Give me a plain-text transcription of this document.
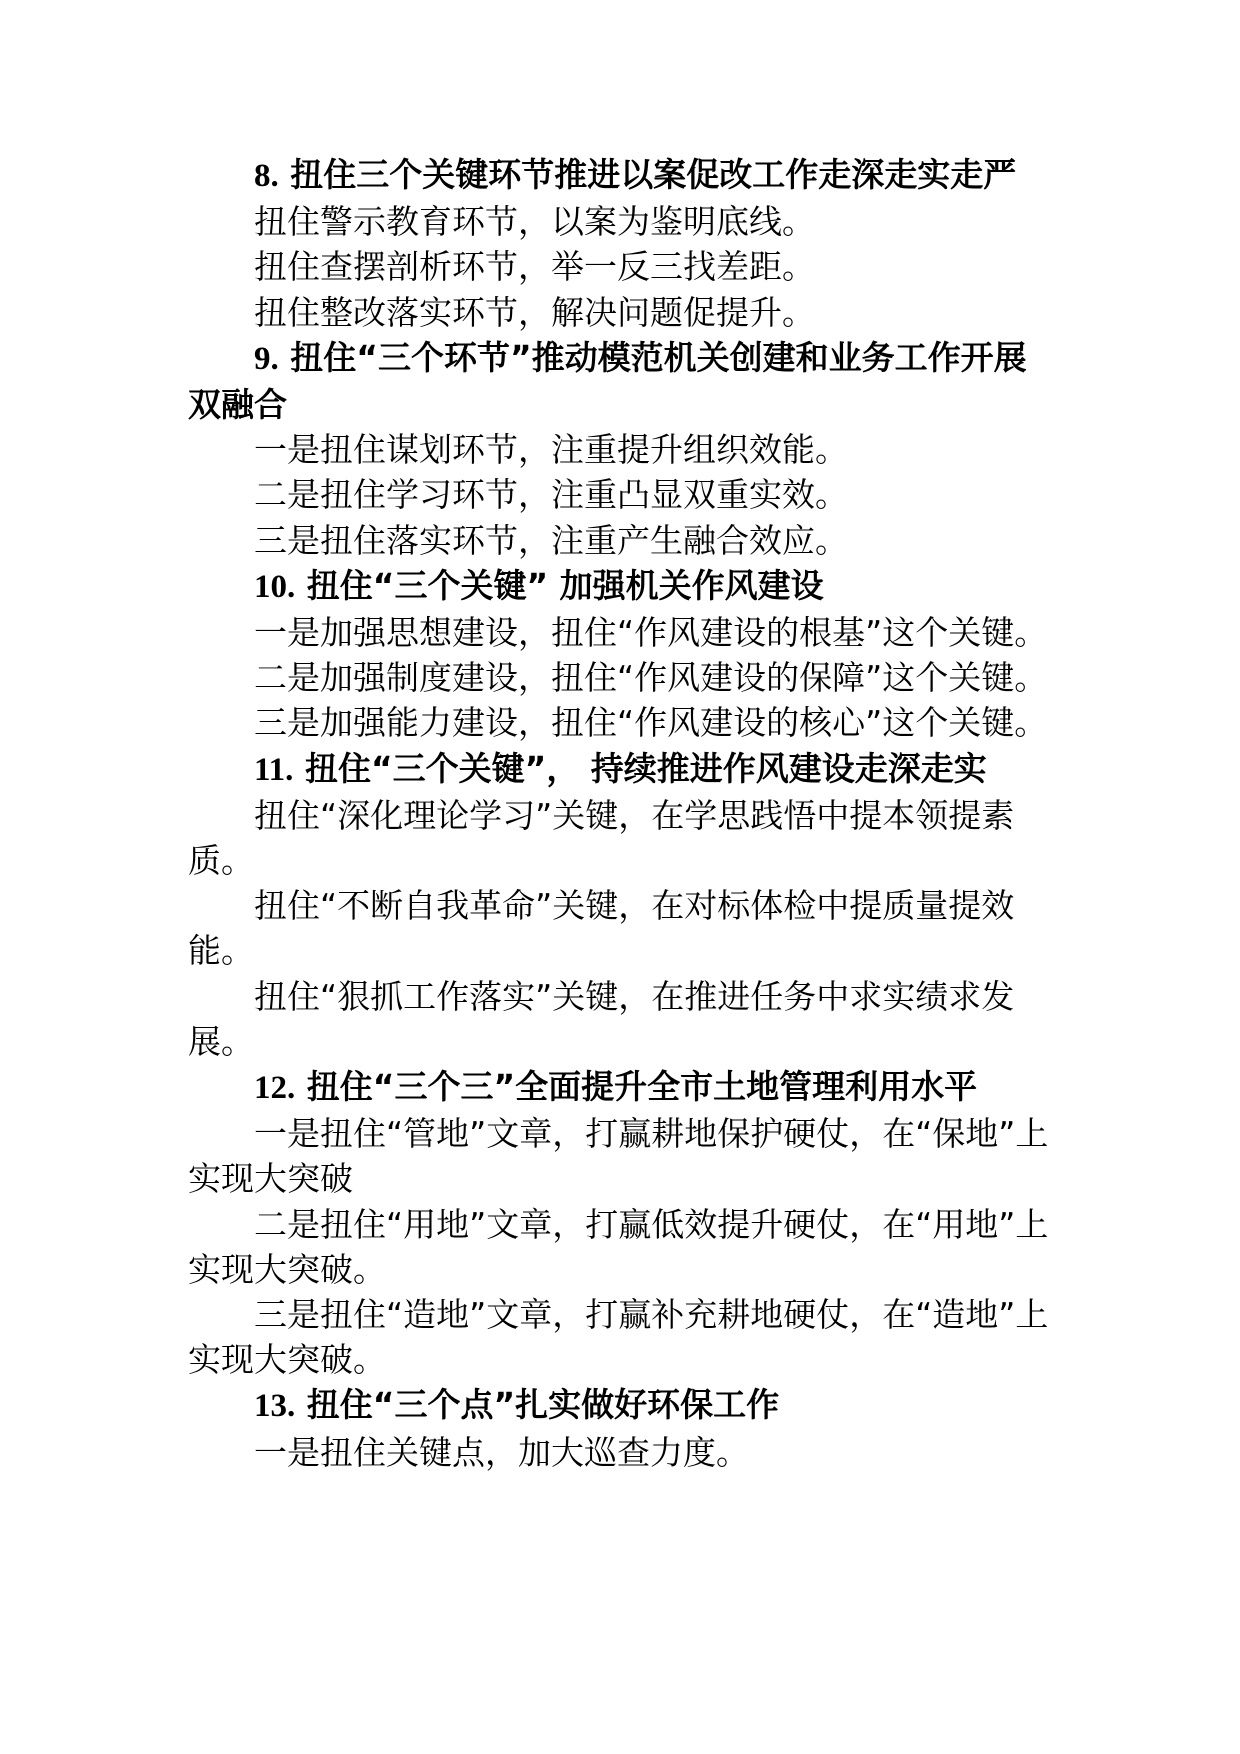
8. 扭住三个关键环节推进以案促改工作走深走实走严

扭住警示教育环节，以案为鉴明底线。

扭住查摆剖析环节，举一反三找差距。

扭住整改落实环节，解决问题促提升。

9. 扭住“三个环节”推动模范机关创建和业务工作开展双融合

一是扭住谋划环节，注重提升组织效能。

二是扭住学习环节，注重凸显双重实效。

三是扭住落实环节，注重产生融合效应。

10. 扭住“三个关键” 加强机关作风建设

一是加强思想建设，扭住“作风建设的根基”这个关键。

二是加强制度建设，扭住“作风建设的保障”这个关键。

三是加强能力建设，扭住“作风建设的核心”这个关键。

11. 扭住“三个关键”， 持续推进作风建设走深走实

扭住“深化理论学习”关键，在学思践悟中提本领提素质。

扭住“不断自我革命”关键，在对标体检中提质量提效能。

扭住“狠抓工作落实”关键，在推进任务中求实绩求发展。

12. 扭住“三个三”全面提升全市土地管理利用水平

一是扭住“管地”文章，打赢耕地保护硬仗，在“保地”上实现大突破

二是扭住“用地”文章，打赢低效提升硬仗，在“用地”上实现大突破。

三是扭住“造地”文章，打赢补充耕地硬仗，在“造地”上实现大突破。

13. 扭住“三个点”扎实做好环保工作

一是扭住关键点，加大巡查力度。
